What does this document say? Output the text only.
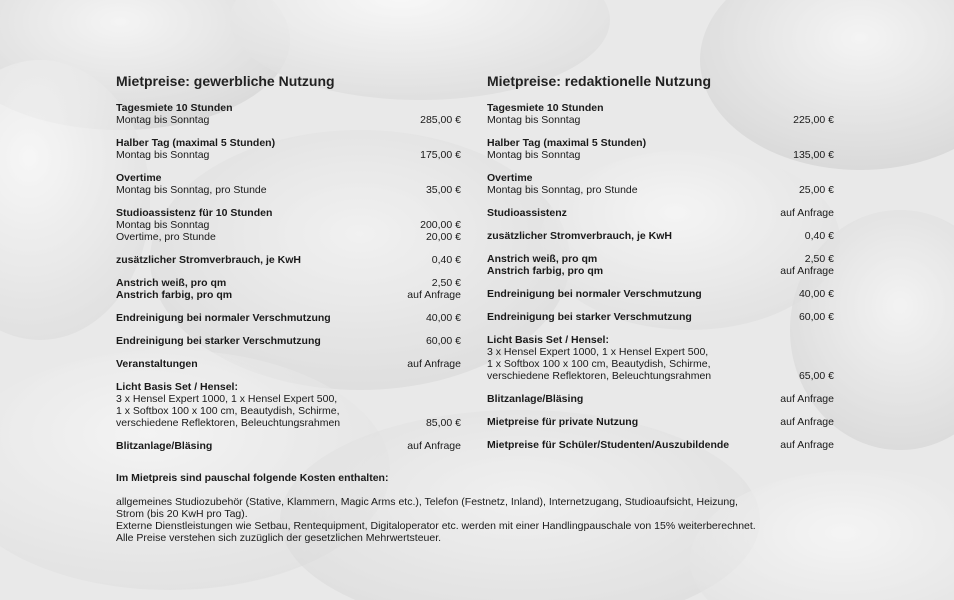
Mietpreise: gewerbliche Nutzung
Tagesmiete 10 Stunden
Montag bis Sonntag	285,00 €
Halber Tag (maximal 5 Stunden)
Montag bis Sonntag	175,00 €
Overtime
Montag bis Sonntag, pro Stunde	35,00 €
Studioassistenz für 10 Stunden
Montag bis Sonntag	200,00 €
Overtime, pro Stunde	20,00 €
zusätzlicher Stromverbrauch, je KwH	0,40 €
Anstrich weiß, pro qm	2,50 €
Anstrich farbig, pro qm	auf Anfrage
Endreinigung bei normaler Verschmutzung	40,00 €
Endreinigung bei starker Verschmutzung	60,00 €
Veranstaltungen	auf Anfrage
Licht Basis Set / Hensel:
3 x Hensel Expert 1000, 1 x Hensel Expert 500,
1 x Softbox 100 x 100 cm, Beautydish, Schirme,
verschiedene Reflektoren, Beleuchtungsrahmen	85,00 €
Blitzanlage/Bläsing	auf Anfrage
Mietpreise: redaktionelle Nutzung
Tagesmiete 10 Stunden
Montag bis Sonntag	225,00 €
Halber Tag (maximal 5 Stunden)
Montag bis Sonntag	135,00 €
Overtime
Montag bis Sonntag, pro Stunde	25,00 €
Studioassistenz	auf Anfrage
zusätzlicher Stromverbrauch, je KwH	0,40 €
Anstrich weiß, pro qm	2,50 €
Anstrich farbig, pro qm	auf Anfrage
Endreinigung bei normaler Verschmutzung	40,00 €
Endreinigung bei starker Verschmutzung	60,00 €
Licht Basis Set / Hensel:
3 x Hensel Expert 1000, 1 x Hensel Expert 500,
1 x Softbox 100 x 100 cm, Beautydish, Schirme,
verschiedene Reflektoren, Beleuchtungsrahmen	65,00 €
Blitzanlage/Bläsing	auf Anfrage
Mietpreise für private Nutzung	auf Anfrage
Mietpreise für Schüler/Studenten/Auszubildende	auf Anfrage
Im Mietpreis sind pauschal folgende Kosten enthalten:
allgemeines Studiozubehör (Stative, Klammern, Magic Arms etc.), Telefon (Festnetz, Inland), Internetzugang, Studioaufsicht, Heizung,
Strom (bis 20 KwH pro Tag).
Externe Dienstleistungen wie Setbau, Rentequipment, Digitaloperator etc. werden mit einer Handlingpauschale von 15% weiterberechnet.
Alle Preise verstehen sich zuzüglich der gesetzlichen Mehrwertsteuer.
